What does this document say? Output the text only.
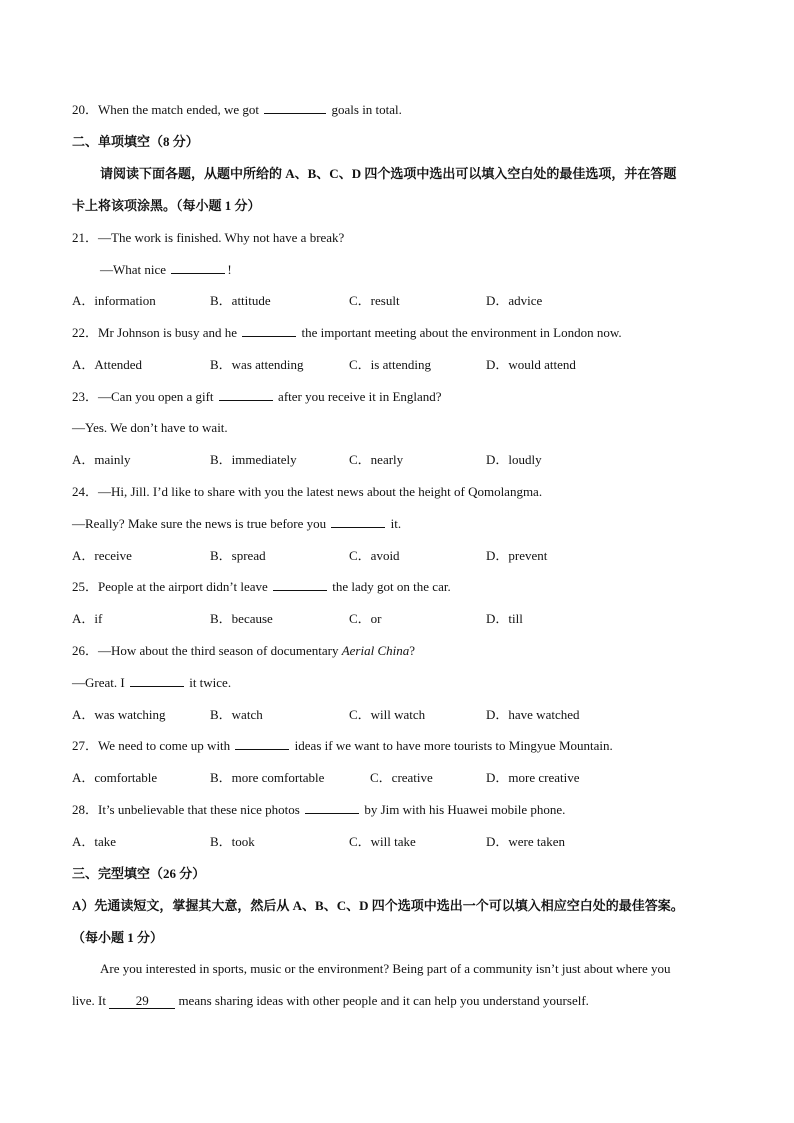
20．When the match ended, we got	goals in total.
二、单项填空（8 分）
请阅读下面各题，从题中所给的 A、B、C、D 四个选项中选出可以填入空白处的最佳选项，并在答题
卡上将该项涂黑。（每小题 1 分）
21．—The work is finished. Why not have a break?
—What nice	!
A．information	B．attitude	C．result	D．advice
22．Mr Johnson is busy and he	the important meeting about the environment in London now.
A．Attended	B．was attending	C．is attending	D．would attend
23．—Can you open a gift	after you receive it in England?
—Yes. We don’t have to wait.
A．mainly	B．immediately	C．nearly	D．loudly
24．—Hi, Jill. I’d like to share with you the latest news about the height of Qomolangma.
—Really? Make sure the news is true before you	it.
A．receive	B．spread	C．avoid	D．prevent
25．People at the airport didn’t leave	the lady got on the car.
A．if	B．because	C．or	D．till
26．—How about the third season of documentary Aerial China?
—Great. I	it twice.
A．was watching	B．watch	C．will watch	D．have watched
27．We need to come up with	ideas if we want to have more tourists to Mingyue Mountain.
A．comfortable	B．more comfortable	C．creative	D．more creative
28．It’s unbelievable that these nice photos	by Jim with his Huawei mobile phone.
A．take	B．took	C．will take	D．were taken
三、完型填空（26 分）
A）先通读短文，掌握其大意，然后从 A、B、C、D 四个选项中选出一个可以填入相应空白处的最佳答案。
（每小题 1 分）
Are you interested in sports, music or the environment? Being part of a community isn’t just about where you
live. It 29 means sharing ideas with other people and it can help you understand yourself.
